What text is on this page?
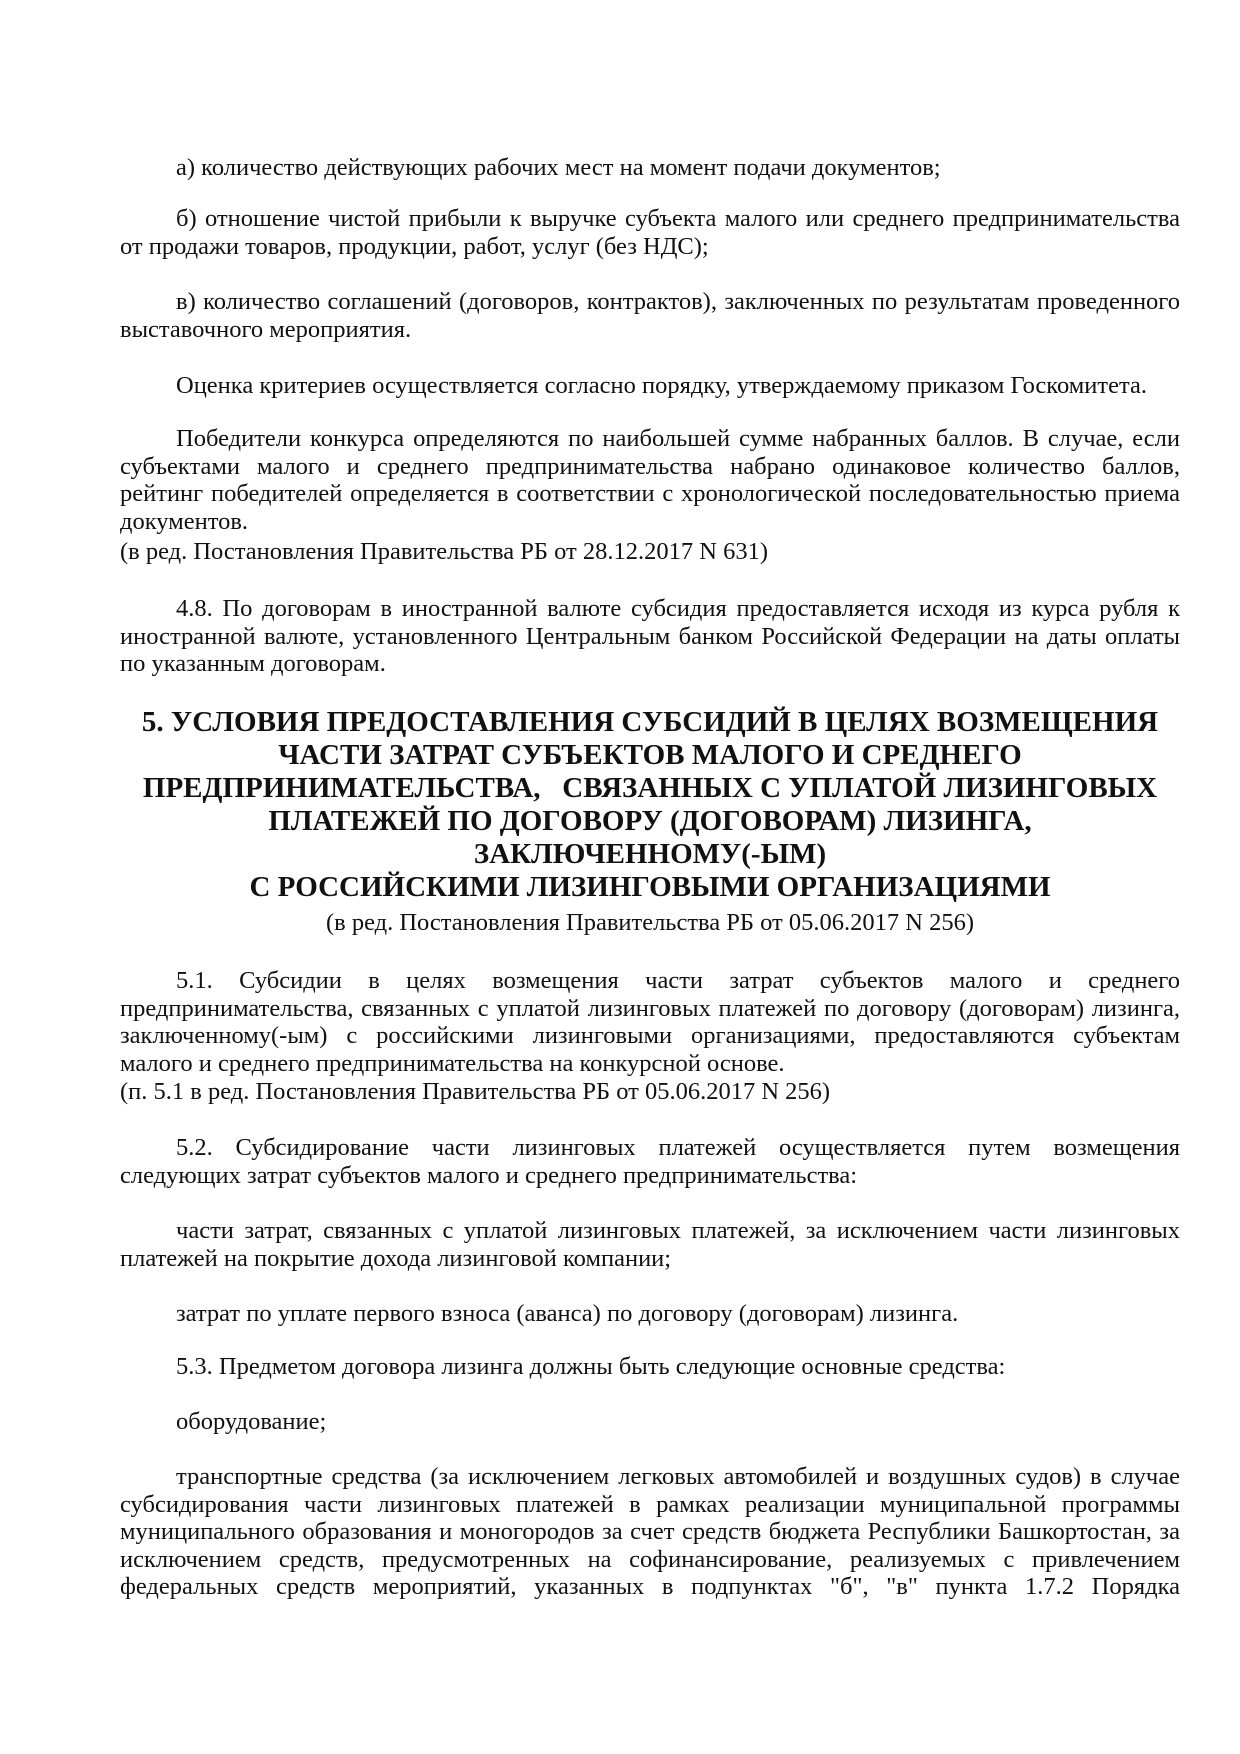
а) количество действующих рабочих мест на момент подачи документов;
б) отношение чистой прибыли к выручке субъекта малого или среднего предпринимательства от продажи товаров, продукции, работ, услуг (без НДС);
в) количество соглашений (договоров, контрактов), заключенных по результатам проведенного выставочного мероприятия.
Оценка критериев осуществляется согласно порядку, утверждаемому приказом Госкомитета.
Победители конкурса определяются по наибольшей сумме набранных баллов. В случае, если субъектами малого и среднего предпринимательства набрано одинаковое количество баллов, рейтинг победителей определяется в соответствии с хронологической последовательностью приема документов.
(в ред. Постановления Правительства РБ от 28.12.2017 N 631)
4.8. По договорам в иностранной валюте субсидия предоставляется исходя из курса рубля к иностранной валюте, установленного Центральным банком Российской Федерации на даты оплаты по указанным договорам.
5. УСЛОВИЯ ПРЕДОСТАВЛЕНИЯ СУБСИДИЙ В ЦЕЛЯХ ВОЗМЕЩЕНИЯ
ЧАСТИ ЗАТРАТ СУБЪЕКТОВ МАЛОГО И СРЕДНЕГО
ПРЕДПРИНИМАТЕЛЬСТВА,   СВЯЗАННЫХ С УПЛАТОЙ ЛИЗИНГОВЫХ
ПЛАТЕЖЕЙ ПО ДОГОВОРУ (ДОГОВОРАМ) ЛИЗИНГА,
ЗАКЛЮЧЕННОМУ(-ЫМ)
С РОССИЙСКИМИ ЛИЗИНГОВЫМИ ОРГАНИЗАЦИЯМИ
(в ред. Постановления Правительства РБ от 05.06.2017 N 256)
5.1. Субсидии в целях возмещения части затрат субъектов малого и среднего предпринимательства, связанных с уплатой лизинговых платежей по договору (договорам) лизинга, заключенному(-ым) с российскими лизинговыми организациями, предоставляются субъектам малого и среднего предпринимательства на конкурсной основе.
(п. 5.1 в ред. Постановления Правительства РБ от 05.06.2017 N 256)
5.2. Субсидирование части лизинговых платежей осуществляется путем возмещения следующих затрат субъектов малого и среднего предпринимательства:
части затрат, связанных с уплатой лизинговых платежей, за исключением части лизинговых платежей на покрытие дохода лизинговой компании;
затрат по уплате первого взноса (аванса) по договору (договорам) лизинга.
5.3. Предметом договора лизинга должны быть следующие основные средства:
оборудование;
транспортные средства (за исключением легковых автомобилей и воздушных судов) в случае субсидирования части лизинговых платежей в рамках реализации муниципальной программы муниципального образования и моногородов за счет средств бюджета Республики Башкортостан, за исключением средств, предусмотренных на софинансирование, реализуемых с привлечением федеральных средств мероприятий, указанных в подпунктах "б", "в" пункта 1.7.2 Порядка
